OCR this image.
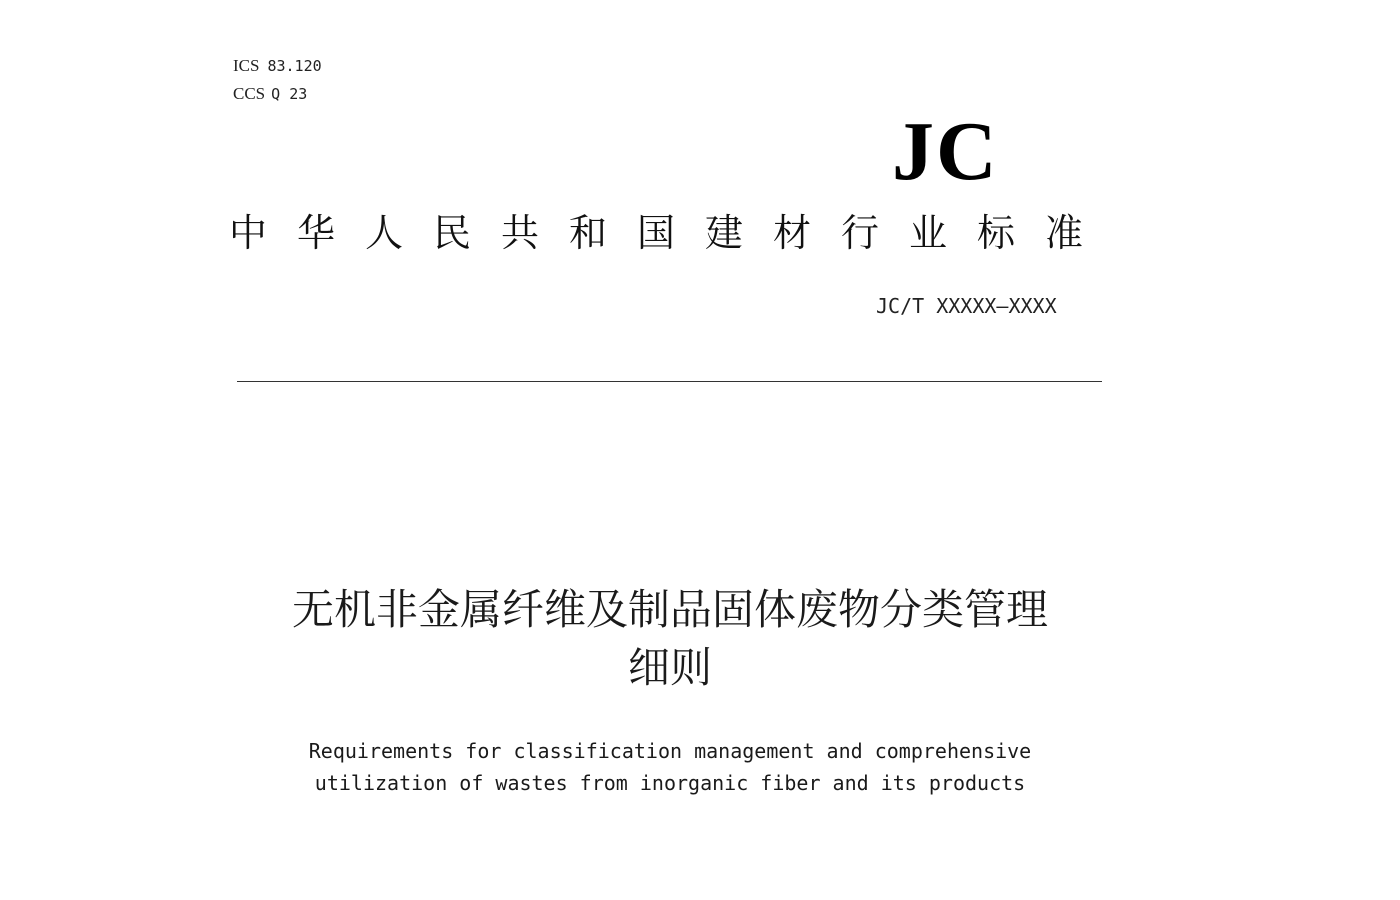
ICS 83.120
CCS Q 23
JC
中华人民共和国建材行业标准
JC/T XXXXX—XXXX
无机非金属纤维及制品固体废物分类管理
细则
Requirements for classification management and comprehensive
utilization of wastes from inorganic fiber and its products
